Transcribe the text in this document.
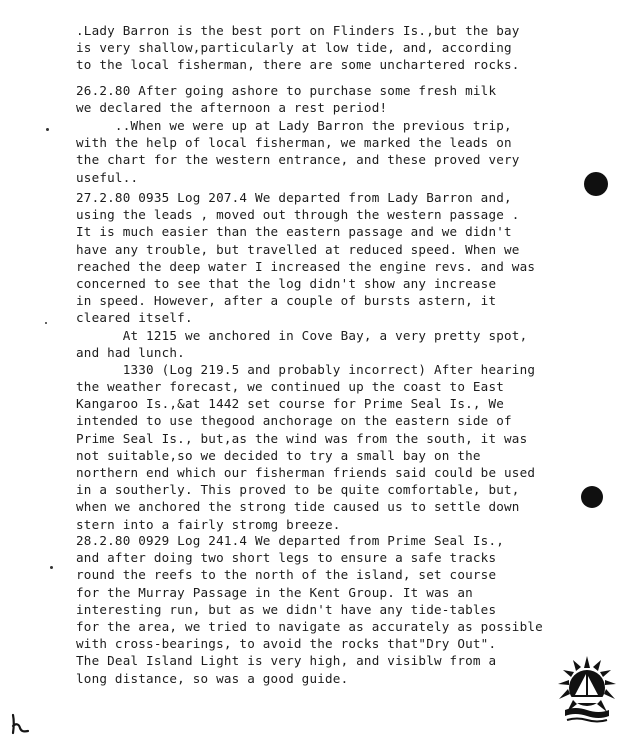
.Lady Barron is the best port on Flinders Is.,but the bay
is very shallow,particularly at low tide, and, according
to the local fisherman, there are some unchartered rocks.
26.2.80 After going ashore to purchase some fresh milk
we declared the afternoon a rest period!
..When we were up at Lady Barron the previous trip,
with the help of local fisherman, we marked the leads on
the chart for the western entrance, and these proved very
useful..
27.2.80 0935 Log 207.4 We departed from Lady Barron and,
using the leads , moved out through the western passage .
It is much easier than the eastern passage and we didn't
have any trouble, but travelled at reduced speed. When we
reached the deep water I increased the engine revs. and was
concerned to see that the log didn't show any increase
in speed. However, after a couple of bursts astern, it
cleared itself.
At 1215 we anchored in Cove Bay, a very pretty spot,
and had lunch.
1330 (Log 219.5 and probably incorrect) After hearing
the weather forecast, we continued up the coast to East
Kangaroo Is.,&at 1442 set course for Prime Seal Is., We
intended to use thegood anchorage on the eastern side of
Prime Seal Is., but,as the wind was from the south, it was
not suitable,so we decided to try a small bay on the
northern end which our fisherman friends said could be used
in a southerly. This proved to be quite comfortable, but,
when we anchored the strong tide caused us to settle down
stern into a fairly stromg breeze.
28.2.80 0929 Log 241.4 We departed from Prime Seal Is.,
and after doing two short legs to ensure a safe tracks
round the reefs to the north of the island, set course
for the Murray Passage in the Kent Group. It was an
interesting run, but as we didn't have any tide-tables
for the area, we tried to navigate as accurately as possible
with cross-bearings, to avoid the rocks that"Dry Out".
The Deal Island Light is very high, and visiblw from a
long distance, so was a good guide.
